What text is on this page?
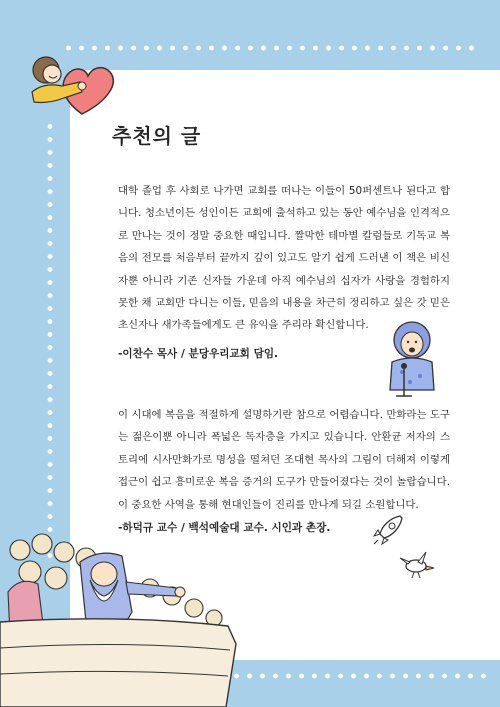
추천의 글

대학 졸업 후 사회로 나가면 교회를 떠나는 이들이 50퍼센트나 된다고 합니다. 청소년이든 성인이든 교회에 출석하고 있는 동안 예수님을 인격적으로 만나는 것이 정말 중요한 때입니다. 짤막한 테마별 칼럼들로 기독교 복음의 전모를 처음부터 끝까지 깊이 있고도 알기 쉽게 드러낸 이 책은 비신자뿐 아니라 기존 신자들 가운데 아직 예수님의 십자가 사랑을 경험하지 못한 채 교회만 다니는 이들, 믿음의 내용을 차근히 정리하고 싶은 갓 믿은 초신자나 새가족들에게도 큰 유익을 주리라 확신합니다.

-이찬수 목사 / 분당우리교회 담임.

이 시대에 복음을 적절하게 설명하기란 참으로 어렵습니다. 만화라는 도구는 젊은이뿐 아니라 폭넓은 독자층을 가지고 있습니다. 안환균 저자의 스토리에 시사만화가로 명성을 떨쳐던 조대현 목사의 그림이 더해져 이렇게 접근이 쉽고 흥미로운 복음 증거의 도구가 만들어졌다는 것이 놀랍습니다. 이 중요한 사역을 통해 현대인들이 진리를 만나게 되길 소원합니다.

-하덕규 교수 / 백석예술대 교수. 시인과 촌장.
